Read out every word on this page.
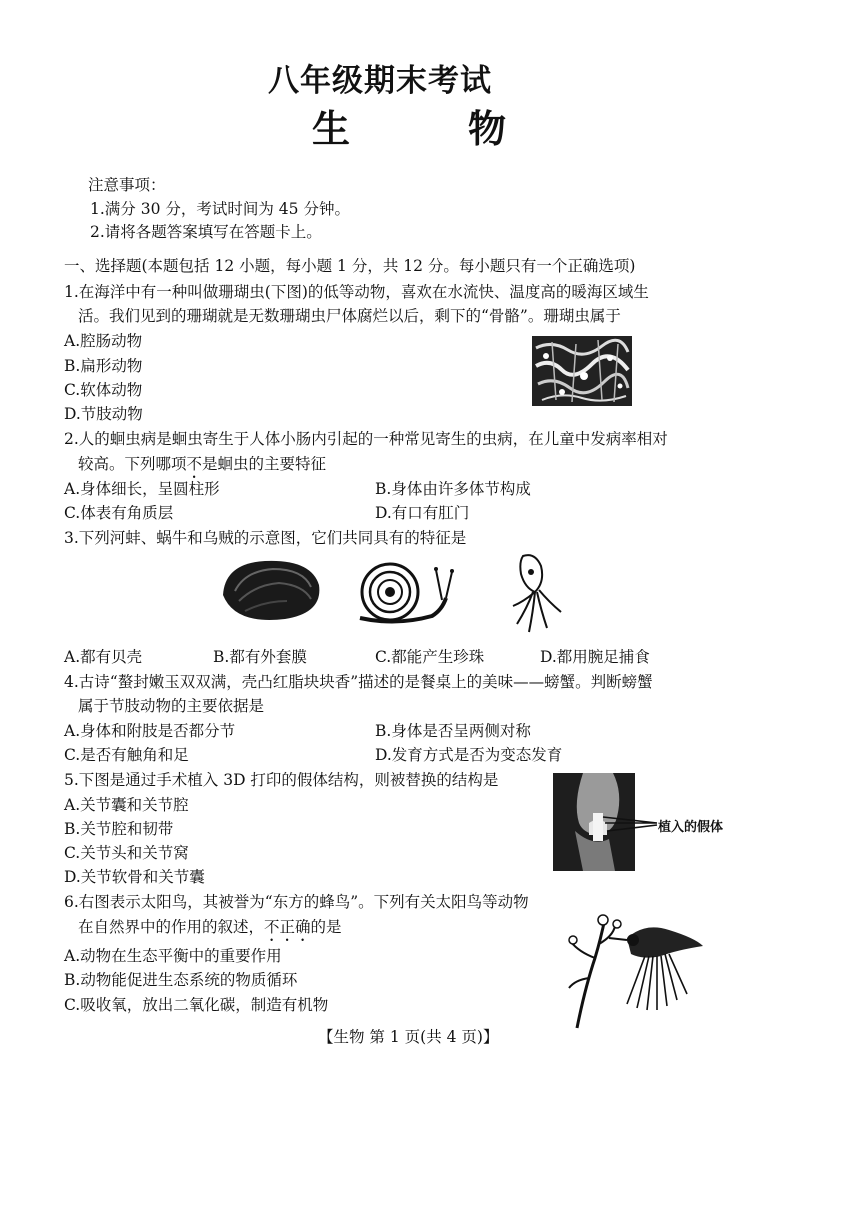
八年级期末考试
生　物
注意事项：
1.满分 30 分，考试时间为 45 分钟。
2.请将各题答案填写在答题卡上。
一、选择题(本题包括 12 小题，每小题 1 分，共 12 分。每小题只有一个正确选项)
1.在海洋中有一种叫做珊瑚虫(下图)的低等动物，喜欢在水流快、温度高的暖海区域生
活。我们见到的珊瑚就是无数珊瑚虫尸体腐烂以后，剩下的“骨骼”。珊瑚虫属于
A.腔肠动物
B.扁形动物
C.软体动物
D.节肢动物
2.人的蛔虫病是蛔虫寄生于人体小肠内引起的一种常见寄生的虫病，在儿童中发病率相对
较高。下列哪项不是蛔虫的主要特征
A.身体细长，呈圆柱形	B.身体由许多体节构成
C.体表有角质层	D.有口有肛门
3.下列河蚌、蜗牛和乌贼的示意图，它们共同具有的特征是
A.都有贝壳	B.都有外套膜	C.都能产生珍珠	D.都用腕足捕食
4.古诗“螯封嫩玉双双满，壳凸红脂块块香”描述的是餐桌上的美味——螃蟹。判断螃蟹
属于节肢动物的主要依据是
A.身体和附肢是否都分节	B.身体是否呈两侧对称
C.是否有触角和足	D.发育方式是否为变态发育
5.下图是通过手术植入 3D 打印的假体结构，则被替换的结构是
A.关节囊和关节腔
B.关节腔和韧带
C.关节头和关节窝
D.关节软骨和关节囊
植入的假体
6.右图表示太阳鸟，其被誉为“东方的蜂鸟”。下列有关太阳鸟等动物
在自然界中的作用的叙述，不正确的是
A.动物在生态平衡中的重要作用
B.动物能促进生态系统的物质循环
C.吸收氧，放出二氧化碳，制造有机物
【生物 第 1 页(共 4 页)】
